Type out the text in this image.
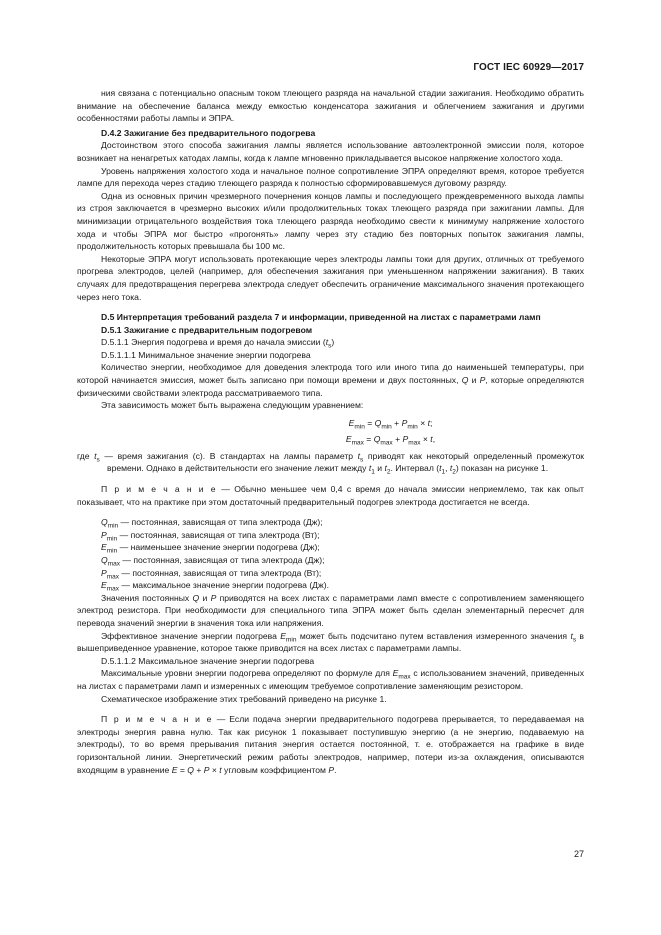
ГОСТ IEC 60929—2017

ния связана с потенциально опасным током тлеющего разряда на начальной стадии зажигания. Необходимо обратить внимание на обеспечение баланса между емкостью конденсатора зажигания и облегчением зажигания и другими особенностями работы лампы и ЭПРА.

D.4.2 Зажигание без предварительного подогрева

Достоинством этого способа зажигания лампы является использование автоэлектронной эмиссии поля, которое возникает на ненагретых катодах лампы, когда к лампе мгновенно прикладывается высокое напряжение холостого хода.

Уровень напряжения холостого хода и начальное полное сопротивление ЭПРА определяют время, которое требуется лампе для перехода через стадию тлеющего разряда к полностью сформировавшемуся дуговому разряду.

Одна из основных причин чрезмерного почернения концов лампы и последующего преждевременного выхода лампы из строя заключается в чрезмерно высоких и/или продолжительных токах тлеющего разряда при зажигании лампы. Для минимизации отрицательного воздействия тока тлеющего разряда необходимо свести к минимуму напряжение холостого хода и чтобы ЭПРА мог быстро «прогонять» лампу через эту стадию без повторных попыток зажигания лампы, продолжительность которых превышала бы 100 мс.

Некоторые ЭПРА могут использовать протекающие через электроды лампы токи для других, отличных от требуемого прогрева электродов, целей (например, для обеспечения зажигания при уменьшенном напряжении зажигания). В таких случаях для предотвращения перегрева электрода следует обеспечить ограничение максимального значения протекающего через него тока.

D.5 Интерпретация требований раздела 7 и информации, приведенной на листах с параметрами ламп

D.5.1 Зажигание с предварительным подогревом

D.5.1.1 Энергия подогрева и время до начала эмиссии $(t_s)$

D.5.1.1.1 Минимальное значение энергии подогрева

Количество энергии, необходимое для доведения электрода того или иного типа до наименьшей температуры, при которой начинается эмиссия, может быть записано при помощи времени и двух постоянных, Q и P, которые определяются физическими свойствами электрода рассматриваемого типа.

Эта зависимость может быть выражена следующим уравнением:

$E_{min} = Q_{min} + P_{min} \times t$;
$E_{max} = Q_{max} + P_{max} \times t$,

где $t_s$ — время зажигания (с). В стандартах на лампы параметр $t_s$ приводят как некоторый определенный промежуток времени. Однако в действительности его значение лежит между $t_1$ и $t_2$. Интервал ($t_1$, $t_2$) показан на рисунке 1.

П р и м е ч а н и е — Обычно меньшее чем 0,4 с время до начала эмиссии неприемлемо, так как опыт показывает, что на практике при этом достаточный предварительный подогрев электрода достигается не всегда.

$Q_{min}$ — постоянная, зависящая от типа электрода (Дж);

$P_{min}$ — постоянная, зависящая от типа электрода (Вт);

$E_{min}$ — наименьшее значение энергии подогрева (Дж);

$Q_{max}$ — постоянная, зависящая от типа электрода (Дж);

$P_{max}$ — постоянная, зависящая от типа электрода (Вт);

$E_{max}$ — максимальное значение энергии подогрева (Дж).

Значения постоянных Q и P приводятся на всех листах с параметрами ламп вместе с сопротивлением заменяющего электрод резистора. При необходимости для специального типа ЭПРА может быть сделан элементарный пересчет для перевода значений энергии в значения тока или напряжения.

Эффективное значение энергии подогрева $E_{min}$ может быть подсчитано путем вставления измеренного значения $t_s$ в вышеприведенное уравнение, которое также приводится на всех листах с параметрами лампы.

D.5.1.1.2 Максимальное значение энергии подогрева

Максимальные уровни энергии подогрева определяют по формуле для $E_{max}$ с использованием значений, приведенных на листах с параметрами ламп и измеренных с имеющим требуемое сопротивление заменяющим резистором.

Схематическое изображение этих требований приведено на рисунке 1.

П р и м е ч а н и е — Если подача энергии предварительного подогрева прерывается, то передаваемая на электроды энергия равна нулю. Так как рисунок 1 показывает поступившую энергию (а не энергию, подаваемую на электроды), то во время прерывания питания энергия остается постоянной, т. е. отображается на графике в виде горизонтальной линии. Энергетический режим работы электродов, например, потери из-за охлаждения, описываются входящим в уравнение E = Q + P × t угловым коэффициентом P.

27
